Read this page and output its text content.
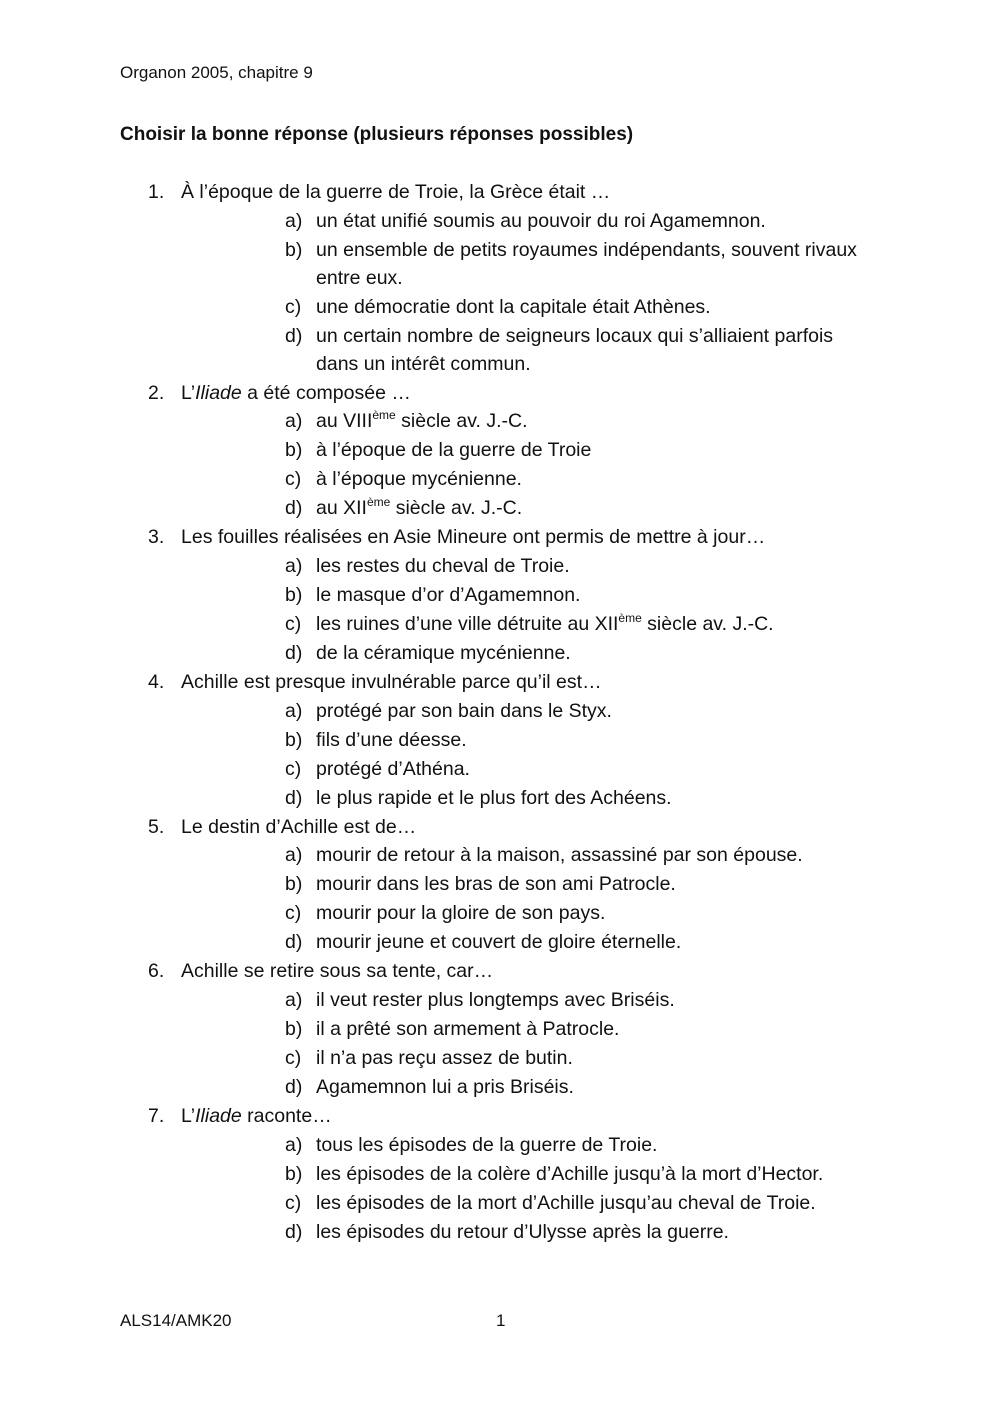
Organon 2005, chapitre 9
Choisir la bonne réponse (plusieurs réponses possibles)
1. À l’époque de la guerre de Troie, la Grèce était …
a) un état unifié soumis au pouvoir du roi Agamemnon.
b) un ensemble de petits royaumes indépendants, souvent rivaux entre eux.
c) une démocratie dont la capitale était Athènes.
d) un certain nombre de seigneurs locaux qui s’alliaient parfois dans un intérêt commun.
2. L’Iliade a été composée …
a) au VIIIème siècle av. J.-C.
b) à l’époque de la guerre de Troie
c) à l’époque mycénienne.
d) au XIIème siècle av. J.-C.
3. Les fouilles réalisées en Asie Mineure ont permis de mettre à jour…
a) les restes du cheval de Troie.
b) le masque d’or d’Agamemnon.
c) les ruines d’une ville détruite au XIIème siècle av. J.-C.
d) de la céramique mycénienne.
4. Achille est presque invulnérable parce qu’il est…
a) protégé par son bain dans le Styx.
b) fils d’une déesse.
c) protégé d’Athéna.
d) le plus rapide et le plus fort des Achéens.
5. Le destin d’Achille est de…
a) mourir de retour à la maison, assassiné par son épouse.
b) mourir dans les bras de son ami Patrocle.
c) mourir pour la gloire de son pays.
d) mourir jeune et couvert de gloire éternelle.
6. Achille se retire sous sa tente, car…
a) il veut rester plus longtemps avec Briséis.
b) il a prêté son armement à Patrocle.
c) il n’a pas reçu assez de butin.
d) Agamemnon lui a pris Briséis.
7. L’Iliade raconte…
a) tous les épisodes de la guerre de Troie.
b) les épisodes de la colère d’Achille jusqu’à la mort d’Hector.
c) les épisodes de la mort d’Achille jusqu’au cheval de Troie.
d) les épisodes du retour d’Ulysse après la guerre.
ALS14/AMK20	1
